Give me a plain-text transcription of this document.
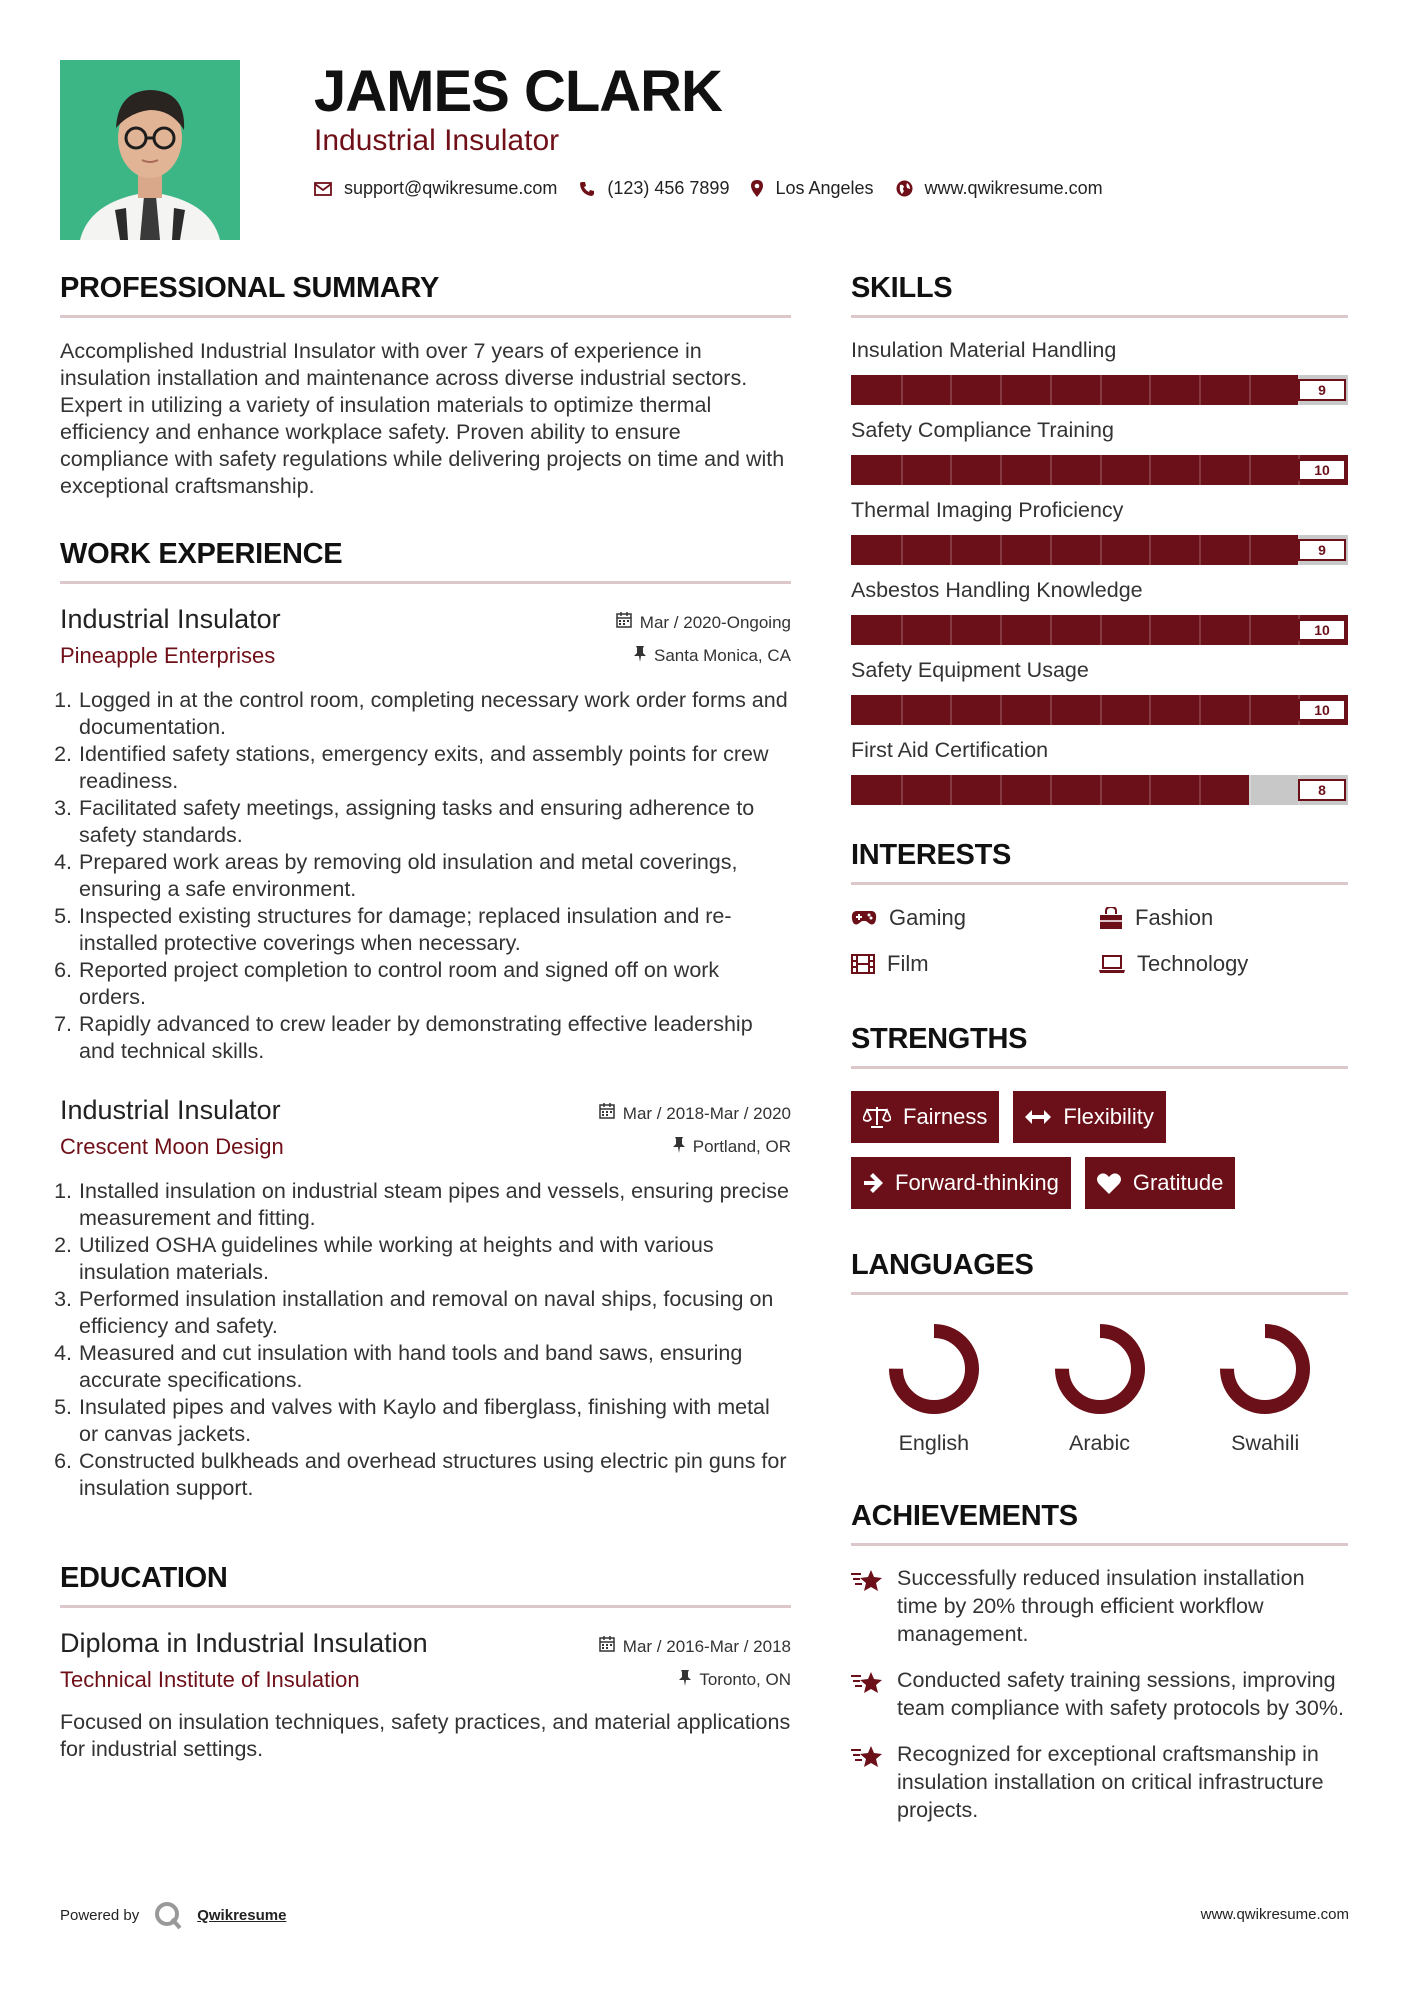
JAMES CLARK
Industrial Insulator
support@qwikresume.com	(123) 456 7899	Los Angeles	www.qwikresume.com
PROFESSIONAL SUMMARY

Accomplished Industrial Insulator with over 7 years of experience in insulation installation and maintenance across diverse industrial sectors. Expert in utilizing a variety of insulation materials to optimize thermal efficiency and enhance workplace safety. Proven ability to ensure compliance with safety regulations while delivering projects on time and with exceptional craftsmanship.

WORK EXPERIENCE
Industrial Insulator	Mar / 2020-Ongoing
Pineapple Enterprises	Santa Monica, CA
1. Logged in at the control room, completing necessary work order forms and documentation.
2. Identified safety stations, emergency exits, and assembly points for crew readiness.
3. Facilitated safety meetings, assigning tasks and ensuring adherence to safety standards.
4. Prepared work areas by removing old insulation and metal coverings, ensuring a safe environment.
5. Inspected existing structures for damage; replaced insulation and re-installed protective coverings when necessary.
6. Reported project completion to control room and signed off on work orders.
7. Rapidly advanced to crew leader by demonstrating effective leadership and technical skills.
Industrial Insulator	Mar / 2018-Mar / 2020
Crescent Moon Design	Portland, OR
1. Installed insulation on industrial steam pipes and vessels, ensuring precise measurement and fitting.
2. Utilized OSHA guidelines while working at heights and with various insulation materials.
3. Performed insulation installation and removal on naval ships, focusing on efficiency and safety.
4. Measured and cut insulation with hand tools and band saws, ensuring accurate specifications.
5. Insulated pipes and valves with Kaylo and fiberglass, finishing with metal or canvas jackets.
6. Constructed bulkheads and overhead structures using electric pin guns for insulation support.
EDUCATION
Diploma in Industrial Insulation	Mar / 2016-Mar / 2018
Technical Institute of Insulation	Toronto, ON

Focused on insulation techniques, safety practices, and material applications for industrial settings.

SKILLS
Insulation Material Handling
9
Safety Compliance Training
10
Thermal Imaging Proficiency
9
Asbestos Handling Knowledge
10
Safety Equipment Usage
10
First Aid Certification
8
INTERESTS
Gaming	Fashion
Film	Technology
STRENGTHS
Fairness	Flexibility
Forward-thinking	Gratitude
LANGUAGES
English	Arabic	Swahili
ACHIEVEMENTS
Successfully reduced insulation installation time by 20% through efficient workflow management.
Conducted safety training sessions, improving team compliance with safety protocols by 30%.
Recognized for exceptional craftsmanship in insulation installation on critical infrastructure projects.
Powered by	Qwikresume	www.qwikresume.com
